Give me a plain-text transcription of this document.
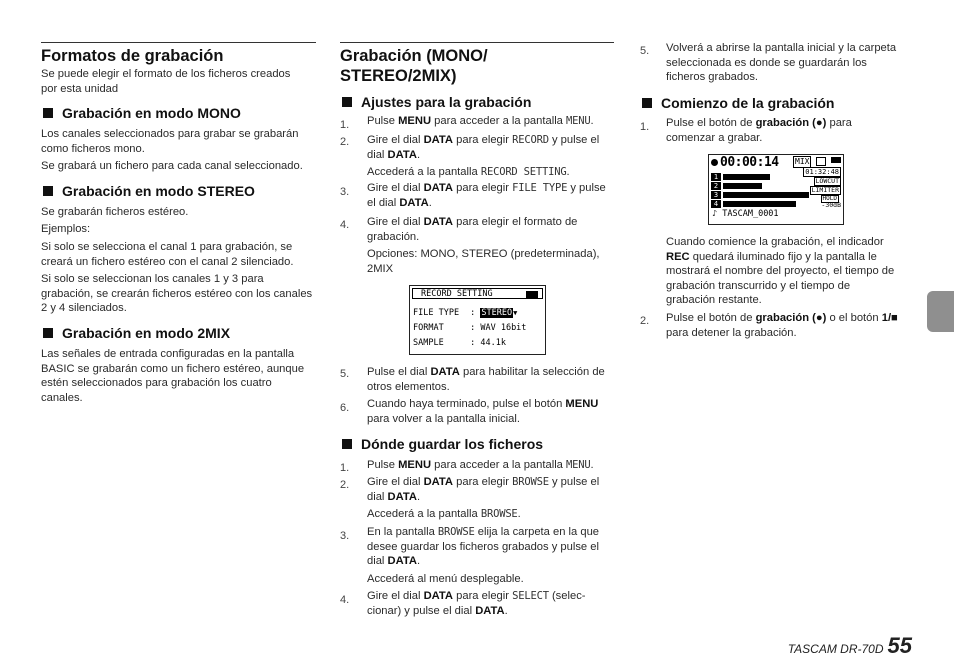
Formatos de grabación

Se puede elegir el formato de los ficheros creados por esta unidad

Grabación en modo MONO

Los canales seleccionados para grabar se grabarán como ficheros mono.

Se grabará un fichero para cada canal seleccionado.

Grabación en modo STEREO

Se grabarán ficheros estéreo.

Ejemplos:

Si solo se selecciona el canal 1 para grabación, se creará un fichero estéreo con el canal 2 silenciado.

Si solo se seleccionan los canales 1 y 3 para grabación, se crearán ficheros estéreo con los canales 2 y 4 silenciados.

Grabación en modo 2MIX

Las señales de entrada configuradas en la pantalla BASIC se grabarán como un fichero estéreo, aunque estén seleccionados para grabación los cuatro canales.

Grabación (MONO/
STEREO/2MIX)
Ajustes para la grabación
1. Pulse MENU para acceder a la pantalla MENU.

2. Gire el dial DATA para elegir RECORD y pulse el dial DATA.

Accederá a la pantalla RECORD SETTING.

3. Gire el dial DATA para elegir FILE TYPE y pulse el dial DATA.

4. Gire el dial DATA para elegir el formato de grabación.

Opciones: MONO, STEREO (predeterminada), 2MIX

RECORD SETTING
FILE TYPE : STEREO▼
FORMAT	: WAV 16bit
SAMPLE	: 44.1k
5. Pulse el dial DATA para habilitar la selección de otros elementos.

6. Cuando haya terminado, pulse el botón MENU para volver a la pantalla inicial.

Dónde guardar los ficheros
1. Pulse MENU para acceder a la pantalla MENU.

2. Gire el dial DATA para elegir BROWSE y pulse el dial DATA.

Accederá a la pantalla BROWSE.

3. En la pantalla BROWSE elija la carpeta en la que desee guardar los ficheros grabados y pulse el dial DATA.

Accederá al menú desplegable.

4. Gire el dial DATA para elegir SELECT (selec-cionar) y pulse el dial DATA.

5. Volverá a abrirse la pantalla inicial y la carpeta seleccionada es donde se guardarán los ficheros grabados.

Comienzo de la grabación
1. Pulse el botón de grabación (●) para comenzar a grabar.

00:00:14 MIX
01:32:48
LOWCUT
LIMITER
HOLD
-30dB
1
2
3
4
♪ TASCAM_0001

Cuando comience la grabación, el indicador REC quedará iluminado fijo y la pantalla le mostrará el nombre del proyecto, el tiempo de grabación transcurrido y el tiempo de grabación restante.

2. Pulse el botón de grabación (●) o el botón 1/■ para detener la grabación.

TASCAM DR-70D 55
